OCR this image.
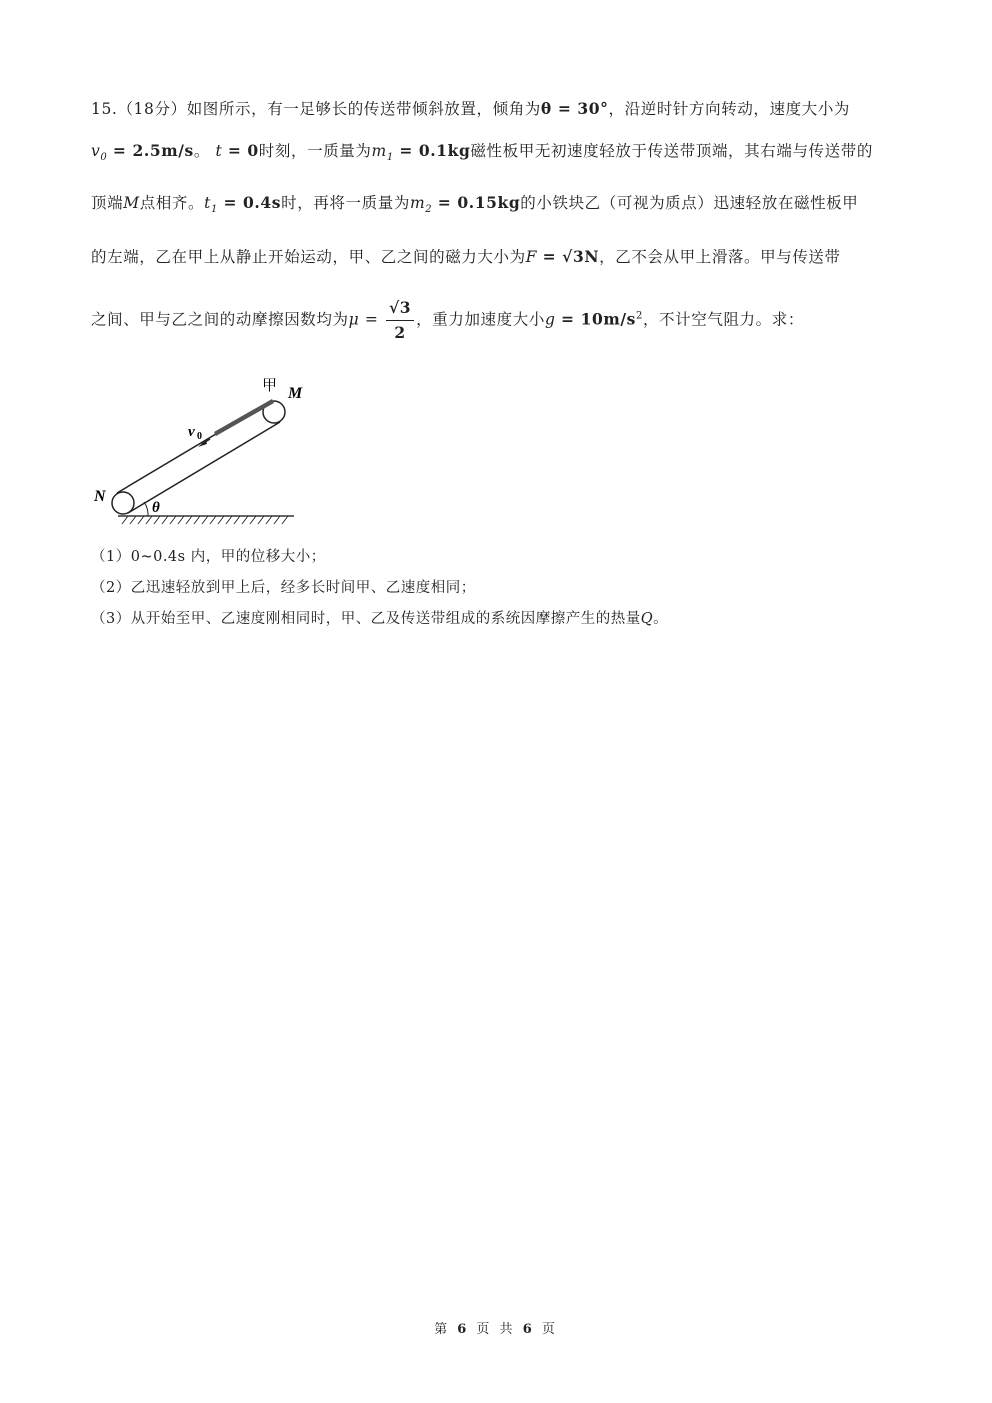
15.（18分）如图所示，有一足够长的传送带倾斜放置，倾角为θ = 30°，沿逆时针方向转动，速度大小为
$v_0 = 2.5m/s$。 t = 0时刻，一质量为$m_1 = 0.1kg$磁性板甲无初速度轻放于传送带顶端，其右端与传送带的
顶端M点相齐。$t_1 = 0.4s$时，再将一质量为$m_2 = 0.15kg$的小铁块乙（可视为质点）迅速轻放在磁性板甲
的左端，乙在甲上从静止开始运动，甲、乙之间的磁力大小为F = √3N，乙不会从甲上滑落。甲与传送带
之间、甲与乙之间的动摩擦因数均为$\mu = \frac{√3}{2}$ ，重力加速度大小$g = 10m/s^2$，不计空气阻力。求：
甲 M
N
v 0
θ
（1）0~0.4s 内，甲的位移大小；
（2）乙迅速轻放到甲上后，经多长时间甲、乙速度相同；
（3）从开始至甲、乙速度刚相同时，甲、乙及传送带组成的系统因摩擦产生的热量Q。
第 6 页 共 6 页
